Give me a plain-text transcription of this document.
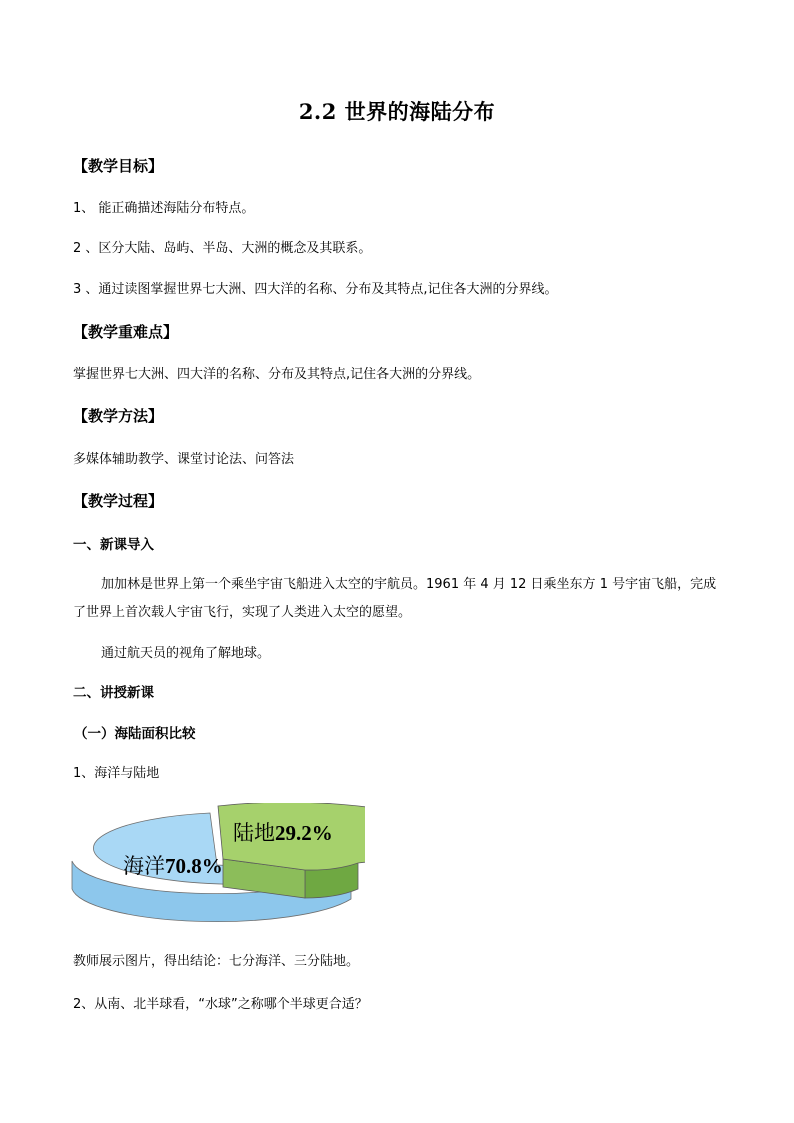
2.2 世界的海陆分布
【教学目标】
1、 能正确描述海陆分布特点。
2 、区分大陆、岛屿、半岛、大洲的概念及其联系。
3 、通过读图掌握世界七大洲、四大洋的名称、分布及其特点,记住各大洲的分界线。
【教学重难点】
掌握世界七大洲、四大洋的名称、分布及其特点,记住各大洲的分界线。
【教学方法】
多媒体辅助教学、课堂讨论法、问答法
【教学过程】
一、新课导入
加加林是世界上第一个乘坐宇宙飞船进入太空的宇航员。1961 年 4 月 12 日乘坐东方 1 号宇宙飞船，完成了世界上首次载人宇宙飞行，实现了人类进入太空的愿望。
通过航天员的视角了解地球。
二、讲授新课
（一）海陆面积比较
1、海洋与陆地
陆地29.2%
海洋70.8%
教师展示图片，得出结论：七分海洋、三分陆地。
2、从南、北半球看，“水球”之称哪个半球更合适？
